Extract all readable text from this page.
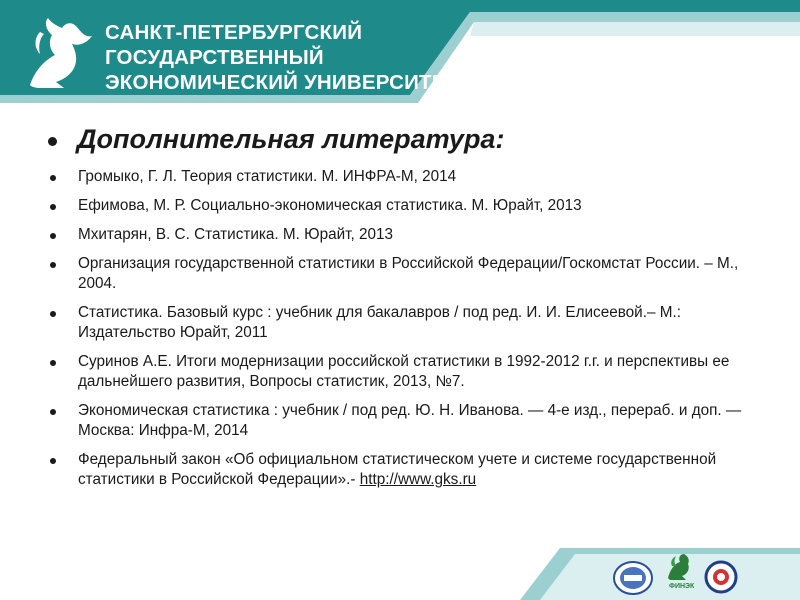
САНКТ-ПЕТЕРБУРГСКИЙ
ГОСУДАРСТВЕННЫЙ
ЭКОНОМИЧЕСКИЙ УНИВЕРСИТЕТ
Дополнительная литература:
Громыко, Г. Л. Теория статистики. М. ИНФРА-М, 2014
Ефимова, М. Р. Социально-экономическая статистика. М. Юрайт, 2013
Мхитарян, В. С. Статистика. М. Юрайт, 2013
Организация государственной статистики в Российской Федерации/Госкомстат России. – М., 2004.
Статистика. Базовый курс : учебник для бакалавров / под ред. И. И. Елисеевой.– М.: Издательство Юрайт, 2011
Суринов А.Е. Итоги модернизации российской статистики в 1992-2012 г.г. и перспективы ее дальнейшего развития, Вопросы статистик, 2013, №7.
Экономическая статистика : учебник / под ред. Ю. Н. Иванова. — 4-е изд., перераб. и доп. — Москва: Инфра-М, 2014
Федеральный закон «Об официальном статистическом учете и системе государственной статистики в Российской Федерации».- http://www.gks.ru
ФИНЭК
